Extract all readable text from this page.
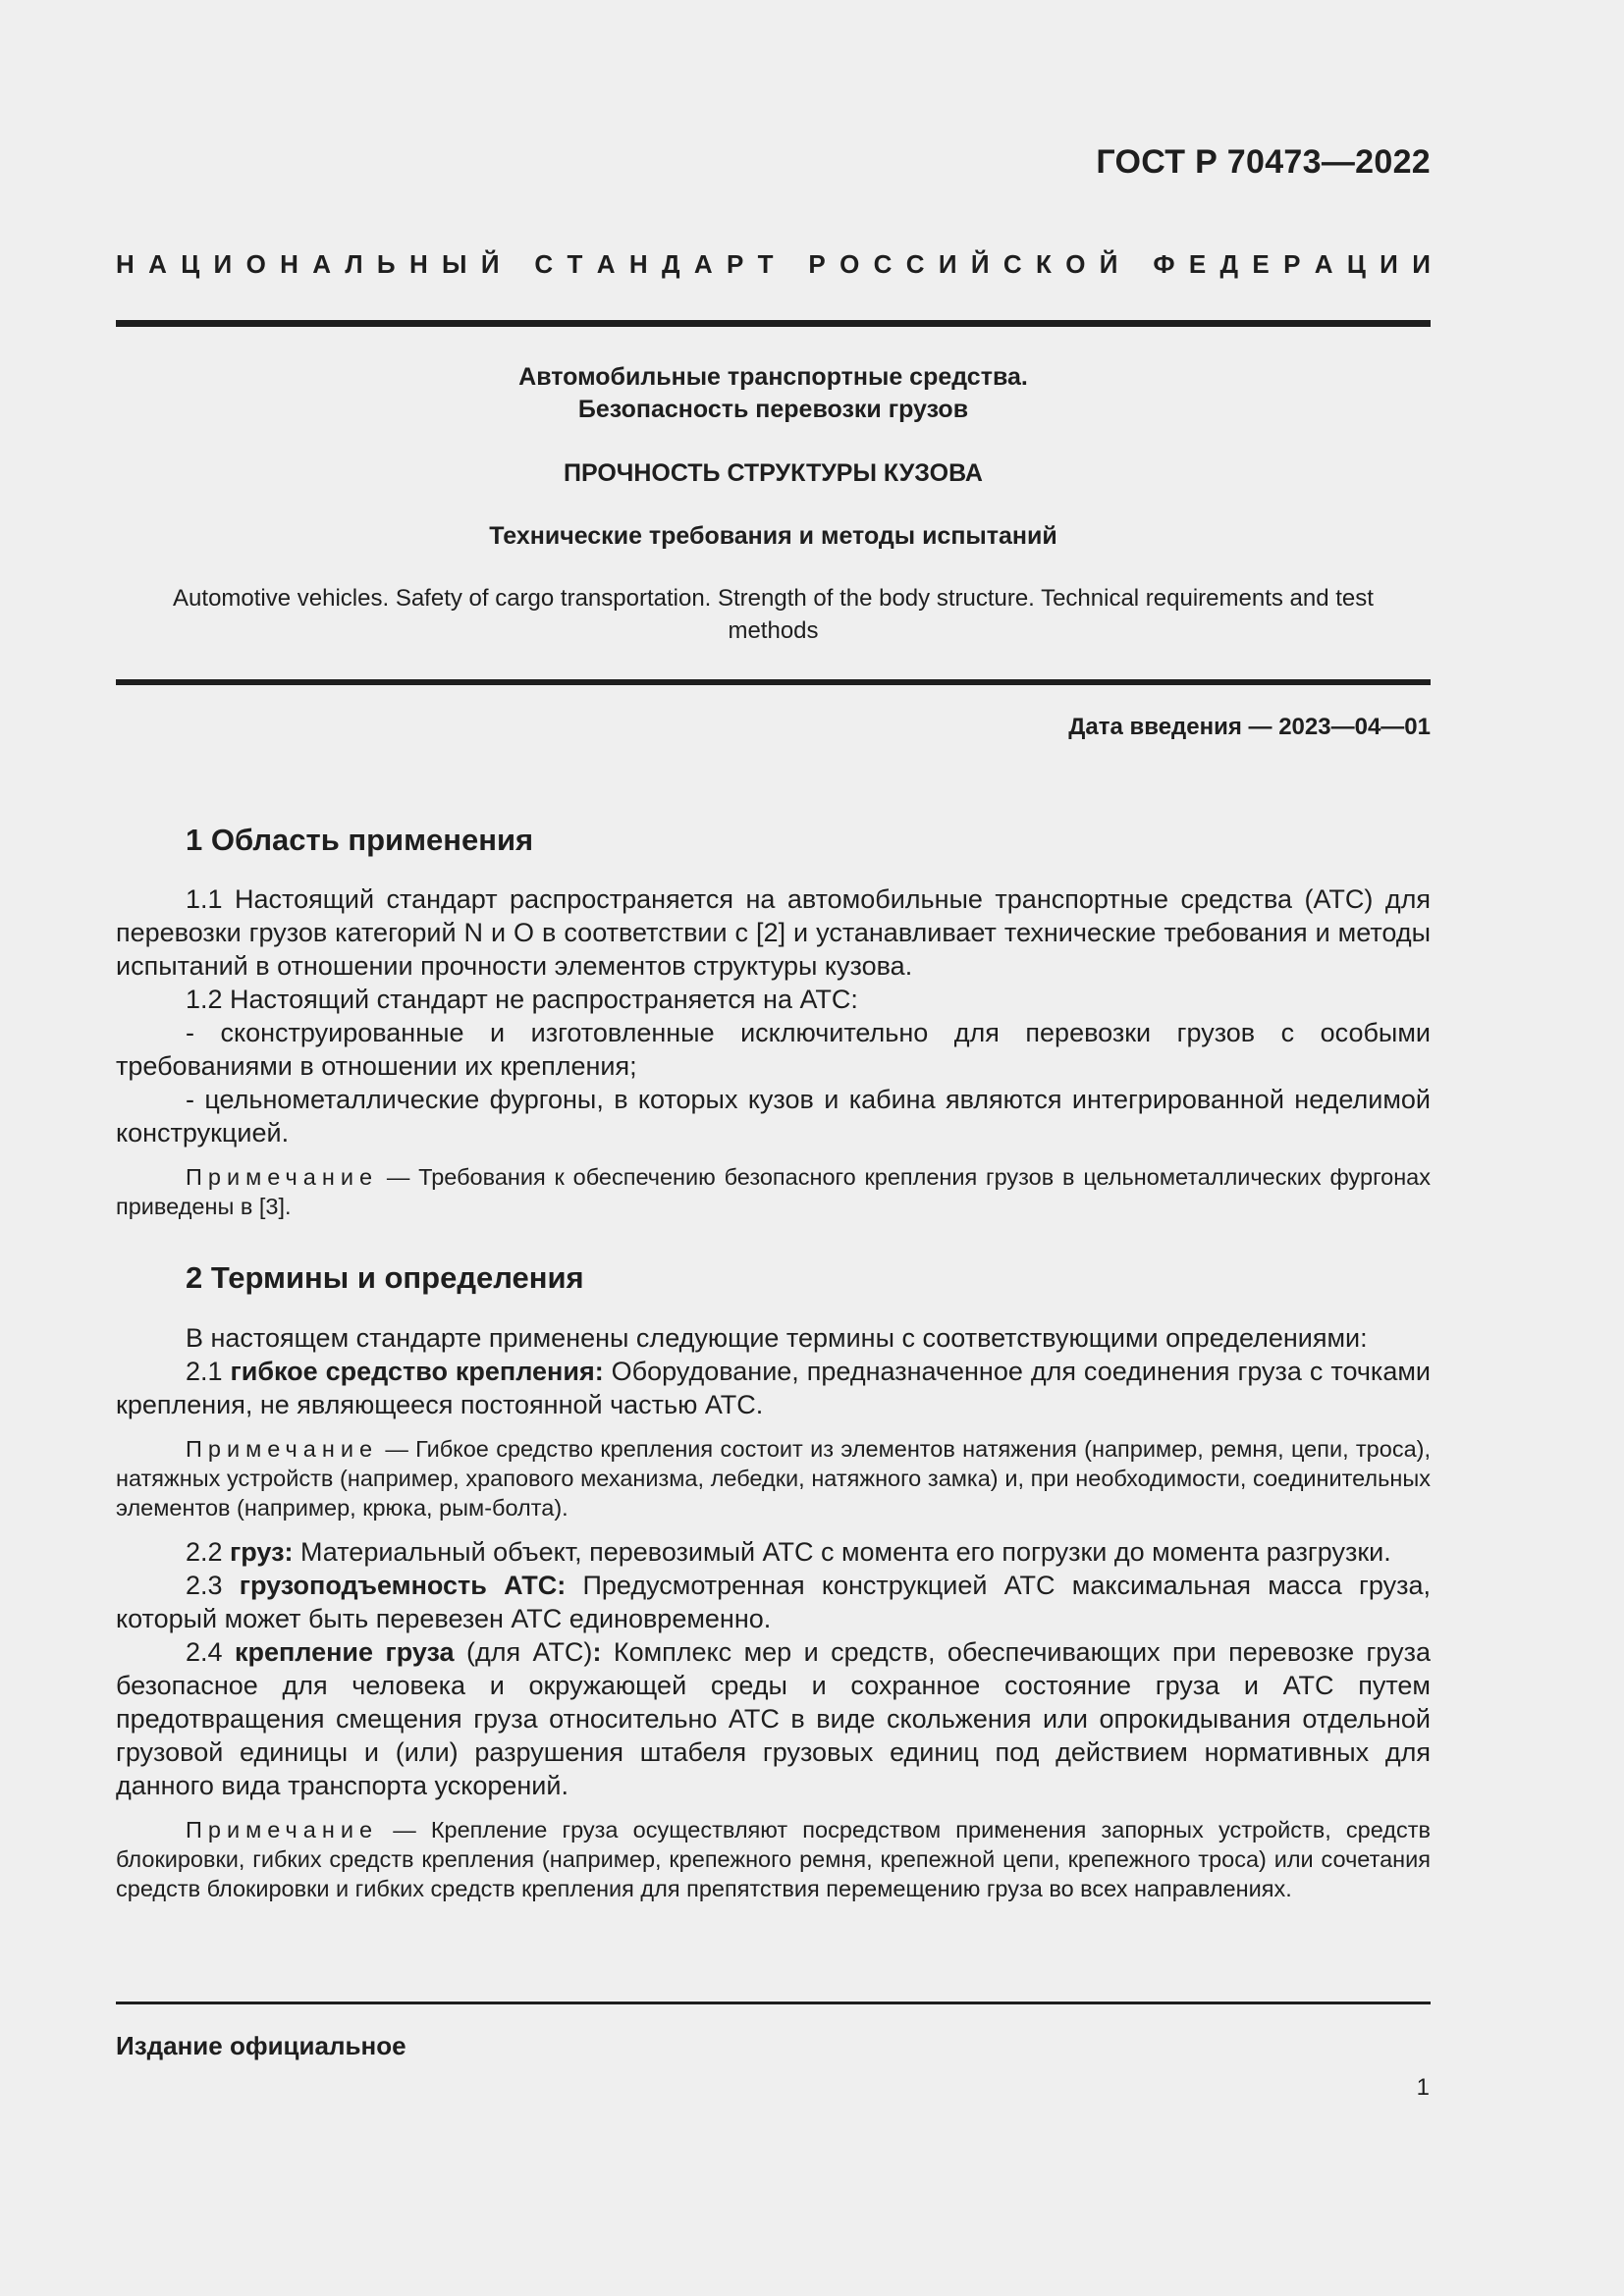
ГОСТ Р 70473—2022
Н А Ц И О Н А Л Ь Н Ы Й
С Т А Н Д А Р Т
Р О С С И Й С К О Й
Ф Е Д Е Р А Ц И И
Автомобильные транспортные средства.
Безопасность перевозки грузов
ПРОЧНОСТЬ СТРУКТУРЫ КУЗОВА
Технические требования и методы испытаний
Automotive vehicles. Safety of cargo transportation. Strength of the body structure. Technical requirements and test
methods
Дата введения — 2023—04—01
1 Область применения

1.1 Настоящий стандарт распространяется на автомобильные транспортные средства (АТС) для перевозки грузов категорий N и O в соответствии с [2] и устанавливает технические требования и методы испытаний в отношении прочности элементов структуры кузова.

1.2 Настоящий стандарт не распространяется на АТС:

- сконструированные и изготовленные исключительно для перевозки грузов с особыми требованиями в отношении их крепления;

- цельнометаллические фургоны, в которых кузов и кабина являются интегрированной неделимой конструкцией.

Примечание — Требования к обеспечению безопасного крепления грузов в цельнометаллических фургонах приведены в [3].

2 Термины и определения

В настоящем стандарте применены следующие термины с соответствующими определениями:

2.1 гибкое средство крепления: Оборудование, предназначенное для соединения груза с точками крепления, не являющееся постоянной частью АТС.

Примечание — Гибкое средство крепления состоит из элементов натяжения (например, ремня, цепи, троса), натяжных устройств (например, храпового механизма, лебедки, натяжного замка) и, при необходимости, соединительных элементов (например, крюка, рым-болта).

2.2 груз: Материальный объект, перевозимый АТС с момента его погрузки до момента разгрузки.

2.3 грузоподъемность АТС: Предусмотренная конструкцией АТС максимальная масса груза, который может быть перевезен АТС единовременно.

2.4 крепление груза (для АТС): Комплекс мер и средств, обеспечивающих при перевозке груза безопасное для человека и окружающей среды и сохранное состояние груза и АТС путем предотвращения смещения груза относительно АТС в виде скольжения или опрокидывания отдельной грузовой единицы и (или) разрушения штабеля грузовых единиц под действием нормативных для данного вида транспорта ускорений.

Примечание — Крепление груза осуществляют посредством применения запорных устройств, средств блокировки, гибких средств крепления (например, крепежного ремня, крепежной цепи, крепежного троса) или сочетания средств блокировки и гибких средств крепления для препятствия перемещению груза во всех направлениях.

Издание официальное
1
